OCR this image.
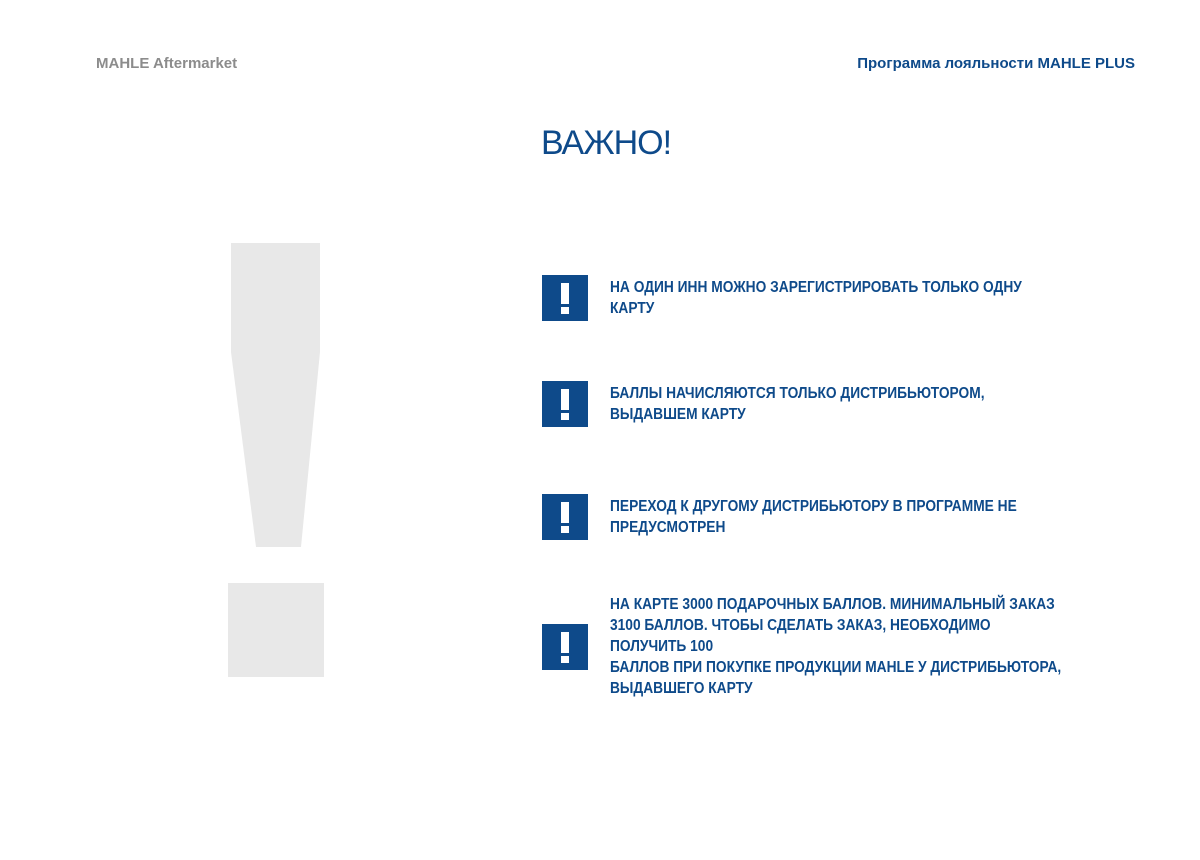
MAHLE Aftermarket	Программа лояльности MAHLE PLUS
ВАЖНО!
НА ОДИН ИНН МОЖНО ЗАРЕГИСТРИРОВАТЬ ТОЛЬКО ОДНУ КАРТУ
БАЛЛЫ НАЧИСЛЯЮТСЯ ТОЛЬКО ДИСТРИБЬЮТОРОМ,
ВЫДАВШЕМ КАРТУ
ПЕРЕХОД К ДРУГОМУ ДИСТРИБЬЮТОРУ В ПРОГРАММЕ НЕ
ПРЕДУСМОТРЕН
НА КАРТЕ 3000 ПОДАРОЧНЫХ БАЛЛОВ. МИНИМАЛЬНЫЙ ЗАКАЗ
3100 БАЛЛОВ. ЧТОБЫ СДЕЛАТЬ ЗАКАЗ, НЕОБХОДИМО ПОЛУЧИТЬ 100
БАЛЛОВ ПРИ ПОКУПКЕ ПРОДУКЦИИ MAHLE У ДИСТРИБЬЮТОРА,
ВЫДАВШЕГО КАРТУ
